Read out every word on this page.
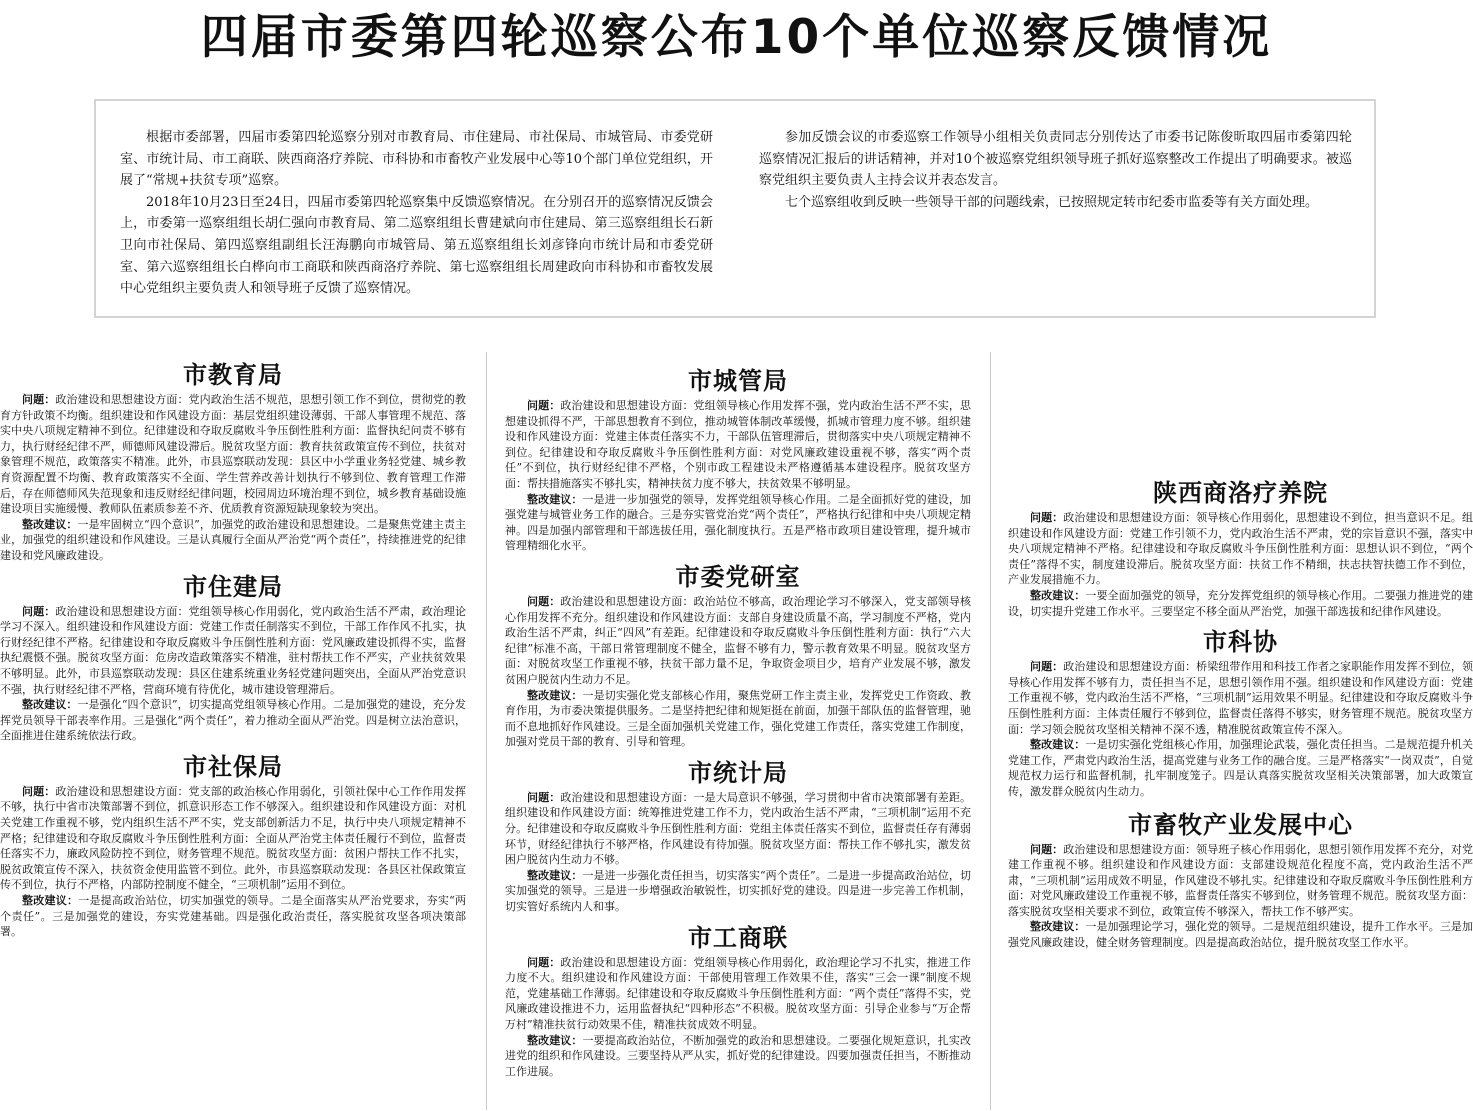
四届市委第四轮巡察公布10个单位巡察反馈情况

根据市委部署，四届市委第四轮巡察分别对市教育局、市住建局、市社保局、市城管局、市委党研室、市统计局、市工商联、陕西商洛疗养院、市科协和市畜牧产业发展中心等10个部门单位党组织，开展了“常规+扶贫专项”巡察。

2018年10月23日至24日，四届市委第四轮巡察集中反馈巡察情况。在分别召开的巡察情况反馈会上，市委第一巡察组组长胡仁强向市教育局、第二巡察组组长曹建斌向市住建局、第三巡察组组长石新卫向市社保局、第四巡察组副组长汪海鹏向市城管局、第五巡察组组长刘彦锋向市统计局和市委党研室、第六巡察组组长白桦向市工商联和陕西商洛疗养院、第七巡察组组长周建政向市科协和市畜牧发展中心党组织主要负责人和领导班子反馈了巡察情况。

参加反馈会议的市委巡察工作领导小组相关负责同志分别传达了市委书记陈俊昕取四届市委第四轮巡察情况汇报后的讲话精神，并对10个被巡察党组织领导班子抓好巡察整改工作提出了明确要求。被巡察党组织主要负责人主持会议并表态发言。

七个巡察组收到反映一些领导干部的问题线索，已按照规定转市纪委市监委等有关方面处理。

市教育局

问题：政治建设和思想建设方面：党内政治生活不规范，思想引领工作不到位，贯彻党的教育方针政策不均衡。组织建设和作风建设方面：基层党组织建设薄弱、干部人事管理不规范、落实中央八项规定精神不到位。纪律建设和夺取反腐败斗争压倒性胜利方面：监督执纪问责不够有力，执行财经纪律不严，师德师风建设滞后。脱贫攻坚方面：教育扶贫政策宣传不到位，扶贫对象管理不规范，政策落实不精准。此外，市县巡察联动发现：县区中小学重业务轻党建、城乡教育资源配置不均衡、教育政策落实不全面、学生营养改善计划执行不够到位、教育管理工作滞后，存在师德师风失范现象和违反财经纪律问题，校园周边环境治理不到位，城乡教育基础设施建设项目实施缓慢、教师队伍素质参差不齐、优质教育资源短缺现象较为突出。

整改建议：一是牢固树立“四个意识”，加强党的政治建设和思想建设。二是聚焦党建主责主业，加强党的组织建设和作风建设。三是认真履行全面从严治党“两个责任”，持续推进党的纪律建设和党风廉政建设。

市住建局

问题：政治建设和思想建设方面：党组领导核心作用弱化，党内政治生活不严肃，政治理论学习不深入。组织建设和作风建设方面：党建工作责任制落实不到位，干部工作作风不扎实，执行财经纪律不严格。纪律建设和夺取反腐败斗争压倒性胜利方面：党风廉政建设抓得不实，监督执纪震慑不强。脱贫攻坚方面：危房改造政策落实不精准，驻村帮扶工作不严实，产业扶贫效果不够明显。此外，市县巡察联动发现：县区住建系统重业务轻党建问题突出，全面从严治党意识不强，执行财经纪律不严格，营商环境有待优化，城市建设管理滞后。

整改建议：一是强化“四个意识”，切实提高党组领导核心作用。二是加强党的建设，充分发挥党员领导干部表率作用。三是强化“两个责任”，着力推动全面从严治党。四是树立法治意识，全面推进住建系统依法行政。

市社保局

问题：政治建设和思想建设方面：党支部的政治核心作用弱化，引领社保中心工作作用发挥不够，执行中省市决策部署不到位，抓意识形态工作不够深入。组织建设和作风建设方面：对机关党建工作重视不够，党内组织生活不严不实，党支部创新活力不足，执行中央八项规定精神不严格；纪律建设和夺取反腐败斗争压倒性胜利方面：全面从严治党主体责任履行不到位，监督责任落实不力，廉政风险防控不到位，财务管理不规范。脱贫攻坚方面：贫困户帮扶工作不扎实，脱贫政策宣传不深入，扶贫资金使用监管不到位。此外，市县巡察联动发现：各县区社保政策宣传不到位，执行不严格，内部防控制度不健全，“三项机制”运用不到位。

整改建议：一是提高政治站位，切实加强党的领导。二是全面落实从严治党要求，夯实“两个责任”。三是加强党的建设，夯实党建基础。四是强化政治责任，落实脱贫攻坚各项决策部署。

市城管局

问题：政治建设和思想建设方面：党组领导核心作用发挥不强，党内政治生活不严不实，思想建设抓得不严，干部思想教育不到位，推动城管体制改革缓慢，抓城市管理力度不够。组织建设和作风建设方面：党建主体责任落实不力，干部队伍管理滞后，贯彻落实中央八项规定精神不到位。纪律建设和夺取反腐败斗争压倒性胜利方面：对党风廉政建设重视不够，落实“两个责任”不到位，执行财经纪律不严格，个别市政工程建设未严格遵循基本建设程序。脱贫攻坚方面：帮扶措施落实不够扎实，精神扶贫力度不够大，扶贫效果不够明显。

整改建议：一是进一步加强党的领导，发挥党组领导核心作用。二是全面抓好党的建设，加强党建与城管业务工作的融合。三是夯实管党治党“两个责任”，严格执行纪律和中央八项规定精神。四是加强内部管理和干部选拔任用，强化制度执行。五是严格市政项目建设管理，提升城市管理精细化水平。

市委党研室

问题：政治建设和思想建设方面：政治站位不够高，政治理论学习不够深入，党支部领导核心作用发挥不充分。组织建设和作风建设方面：支部自身建设质量不高，学习制度不严格，党内政治生活不严肃，纠正“四风”有差距。纪律建设和夺取反腐败斗争压倒性胜利方面：执行“六大纪律”标准不高，干部日常管理制度不健全，监督不够有力，警示教育效果不明显。脱贫攻坚方面：对脱贫攻坚工作重视不够，扶贫干部力量不足，争取资金项目少，培育产业发展不够，激发贫困户脱贫内生动力不足。

整改建议：一是切实强化党支部核心作用，聚焦党研工作主责主业，发挥党史工作资政、教育作用，为市委决策提供服务。二是坚持把纪律和规矩挺在前面，加强干部队伍的监督管理，驰而不息地抓好作风建设。三是全面加强机关党建工作，强化党建工作责任，落实党建工作制度，加强对党员干部的教育、引导和管理。

市统计局

问题：政治建设和思想建设方面：一是大局意识不够强，学习贯彻中省市决策部署有差距。组织建设和作风建设方面：统筹推进党建工作不力，党内政治生活不严肃，“三项机制”运用不充分。纪律建设和夺取反腐败斗争压倒性胜利方面：党组主体责任落实不到位，监督责任存有薄弱环节，财经纪律执行不够严格，作风建设有待加强。脱贫攻坚方面：帮扶工作不够扎实，激发贫困户脱贫内生动力不够。

整改建议：一是进一步强化责任担当，切实落实“两个责任”。二是进一步提高政治站位，切实加强党的领导。三是进一步增强政治敏锐性，切实抓好党的建设。四是进一步完善工作机制，切实管好系统内人和事。

市工商联

问题：政治建设和思想建设方面：党组领导核心作用弱化，政治理论学习不扎实，推进工作力度不大。组织建设和作风建设方面：干部使用管理工作效果不佳，落实“三会一课”制度不规范，党建基础工作薄弱。纪律建设和夺取反腐败斗争压倒性胜利方面：“两个责任”落得不实，党风廉政建设推进不力，运用监督执纪“四种形态”不积极。脱贫攻坚方面：引导企业参与“万企帮万村”精准扶贫行动效果不佳，精准扶贫成效不明显。

整改建议：一要提高政治站位，不断加强党的政治和思想建设。二要强化规矩意识，扎实改进党的组织和作风建设。三要坚持从严从实，抓好党的纪律建设。四要加强责任担当，不断推动工作进展。

陕西商洛疗养院

问题：政治建设和思想建设方面：领导核心作用弱化，思想建设不到位，担当意识不足。组织建设和作风建设方面：党建工作引领不力，党内政治生活不严肃，党的宗旨意识不强，落实中央八项规定精神不严格。纪律建设和夺取反腐败斗争压倒性胜利方面：思想认识不到位，“两个责任”落得不实，制度建设滞后。脱贫攻坚方面：扶贫工作不精细，扶志扶智扶德工作不到位，产业发展措施不力。

整改建议：一要全面加强党的领导，充分发挥党组织的领导核心作用。二要强力推进党的建设，切实提升党建工作水平。三要坚定不移全面从严治党，加强干部选拔和纪律作风建设。

市科协

问题：政治建设和思想建设方面：桥梁纽带作用和科技工作者之家职能作用发挥不到位，领导核心作用发挥不够有力，责任担当不足，思想引领作用不强。组织建设和作风建设方面：党建工作重视不够，党内政治生活不严格，“三项机制”运用效果不明显。纪律建设和夺取反腐败斗争压倒性胜利方面：主体责任履行不够到位，监督责任落得不够实，财务管理不规范。脱贫攻坚方面：学习领会脱贫攻坚相关精神不深不透，精准脱贫政策宣传不深入。

整改建议：一是切实强化党组核心作用，加强理论武装，强化责任担当。二是规范提升机关党建工作，严肃党内政治生活，提高党建与业务工作的融合度。三是严格落实“一岗双责”，自觉规范权力运行和监督机制，扎牢制度笼子。四是认真落实脱贫攻坚相关决策部署，加大政策宣传，激发群众脱贫内生动力。

市畜牧产业发展中心

问题：政治建设和思想建设方面：领导班子核心作用弱化，思想引领作用发挥不充分，对党建工作重视不够。组织建设和作风建设方面：支部建设规范化程度不高，党内政治生活不严肃，“三项机制”运用成效不明显，作风建设不够扎实。纪律建设和夺取反腐败斗争压倒性胜利方面：对党风廉政建设工作重视不够，监督责任落实不够到位，财务管理不规范。脱贫攻坚方面：落实脱贫攻坚相关要求不到位，政策宣传不够深入，帮扶工作不够严实。

整改建议：一是加强理论学习，强化党的领导。二是规范组织建设，提升工作水平。三是加强党风廉政建设，健全财务管理制度。四是提高政治站位，提升脱贫攻坚工作水平。
